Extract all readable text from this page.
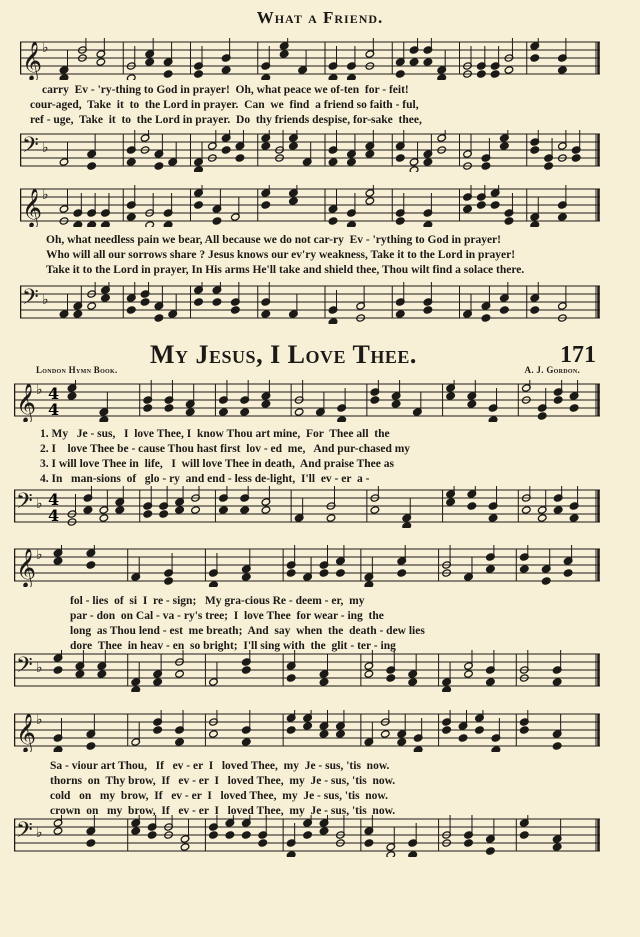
What a Friend.
𝄞 ♭
carry  Ev - 'ry-thing to God in prayer!  Oh, what peace we of-ten  for - feit!
cour-aged,  Take  it  to  the Lord in prayer.  Can  we  find  a friend so faith - ful,
ref - uge,  Take  it  to  the Lord in prayer.  Do  thy friends despise, for-sake  thee,
𝄢 ♭
𝄞 ♭
Oh, what needless pain we bear, All because we do not car-ry  Ev - 'rything to God in prayer!
Who will all our sorrows share ? Jesus knows our ev'ry weakness, Take it to the Lord in prayer!
Take it to the Lord in prayer, In His arms He'll take and shield thee, Thou wilt find a solace there.
𝄢 ♭
My Jesus, I Love Thee.	171
London Hymn Book.	A. J. Gordon.
𝄞 ♭ 4
4
1. My   Je - sus,   I  love Thee, I  know Thou art mine,  For  Thee all  the
2. I    love Thee be - cause Thou hast first  lov - ed  me,   And pur-chased my
3. I will love Thee in  life,   I  will love Thee in death,  And praise Thee as
4. In   man-sions  of   glo - ry  and end - less de-light,  I'll  ev - er  a -
𝄢 ♭ 4
4
𝄞 ♭
fol - lies  of  si  I  re - sign;   My gra-cious Re - deem - er,  my
par - don  on Cal - va - ry's tree;  I  love Thee  for wear - ing  the
long  as Thou lend - est  me breath;  And  say  when  the  death - dew lies
dore  Thee  in heav - en  so bright;  I'll sing with  the  glit - ter - ing
𝄢 ♭
𝄞 ♭
Sa - viour art Thou,   If   ev - er  I   loved Thee,  my  Je - sus, 'tis  now.
thorns  on  Thy brow,  If   ev - er  I   loved Thee,  my  Je - sus, 'tis  now.
cold   on   my  brow,  If   ev - er  I   loved Thee,  my  Je - sus, 'tis  now.
crown  on   my  brow,  If   ev - er  I   loved Thee,  my  Je - sus, 'tis  now.
𝄢 ♭
